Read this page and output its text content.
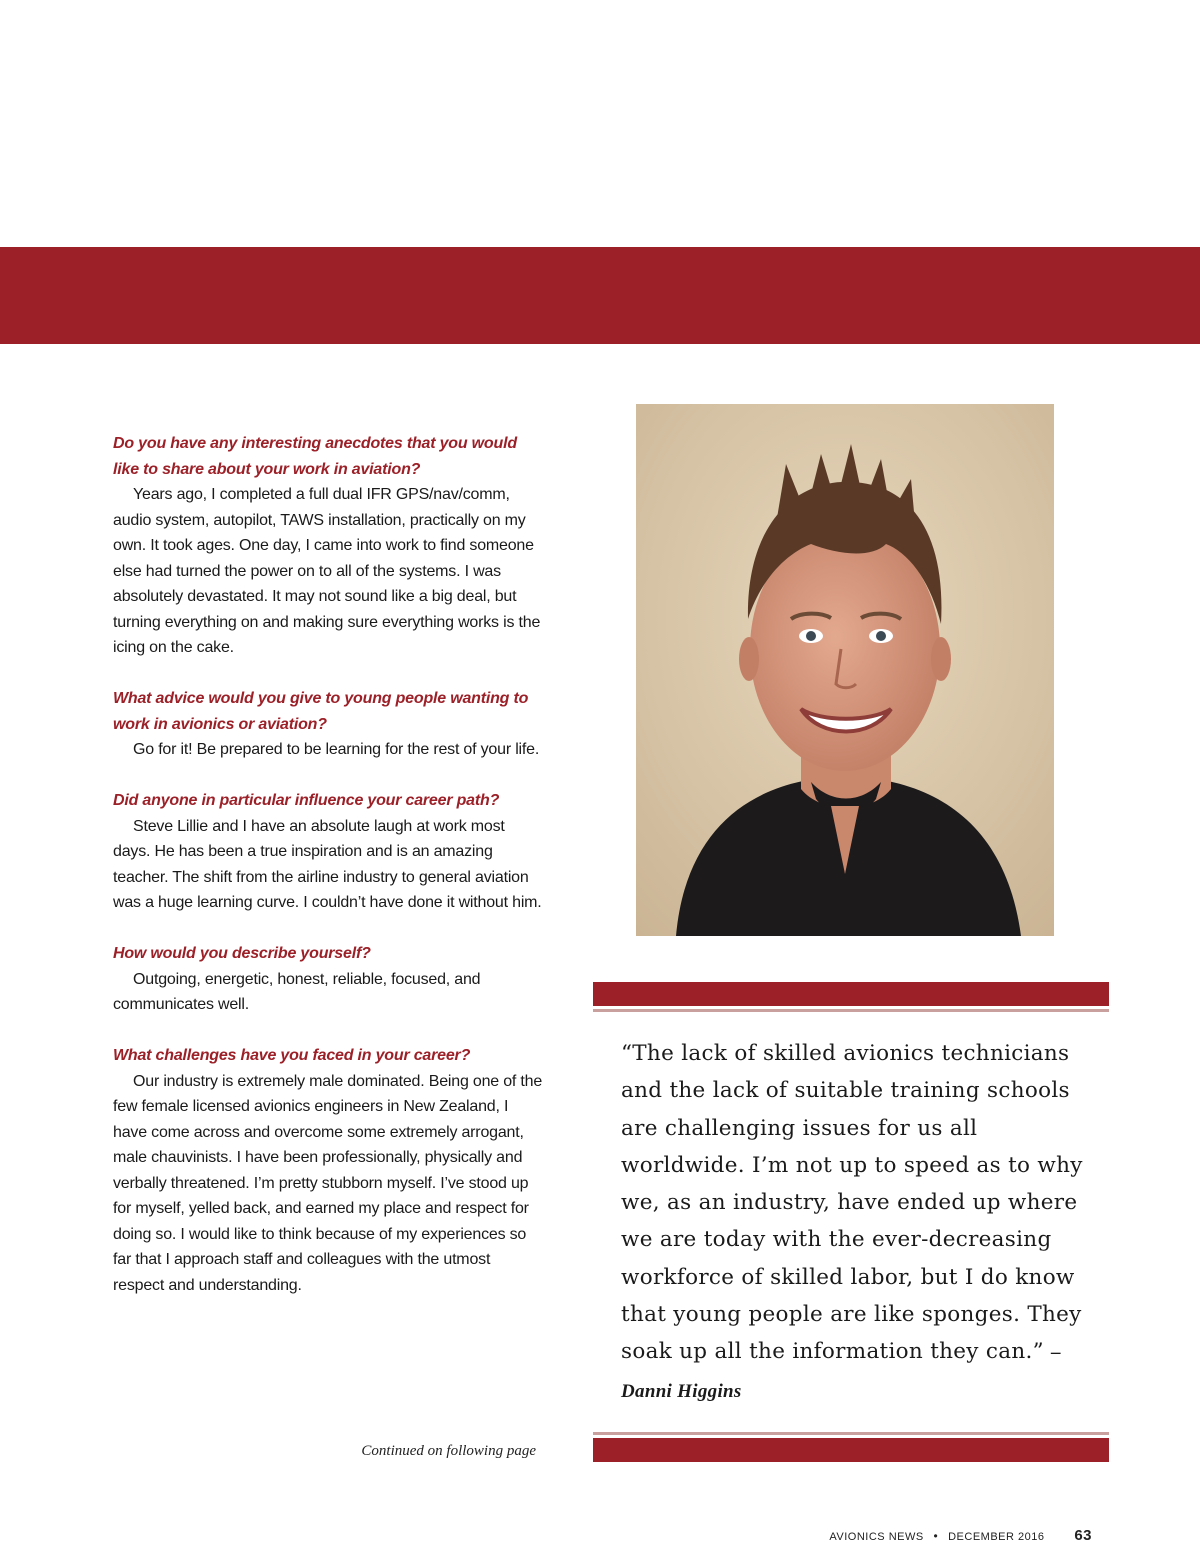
Do you have any interesting anecdotes that you would like to share about your work in aviation?
Years ago, I completed a full dual IFR GPS/nav/comm, audio system, autopilot, TAWS installation, practically on my own. It took ages. One day, I came into work to find someone else had turned the power on to all of the systems. I was absolutely devastated. It may not sound like a big deal, but turning everything on and making sure everything works is the icing on the cake.
What advice would you give to young people wanting to work in avionics or aviation?
Go for it! Be prepared to be learning for the rest of your life.
Did anyone in particular influence your career path?
Steve Lillie and I have an absolute laugh at work most days. He has been a true inspiration and is an amazing teacher. The shift from the airline industry to general aviation was a huge learning curve. I couldn’t have done it without him.
How would you describe yourself?
Outgoing, energetic, honest, reliable, focused, and communicates well.
What challenges have you faced in your career?
Our industry is extremely male dominated. Being one of the few female licensed avionics engineers in New Zealand, I have come across and overcome some extremely arrogant, male chauvinists. I have been professionally, physically and verbally threatened. I’m pretty stubborn myself. I’ve stood up for myself, yelled back, and earned my place and respect for doing so. I would like to think because of my experiences so far that I approach staff and colleagues with the utmost respect and understanding.
Continued on following page
“The lack of skilled avionics technicians and the lack of suitable training schools are challenging issues for us all worldwide. I’m not up to speed as to why we, as an industry, have ended up where we are today with the ever-decreasing workforce of skilled labor, but I do know that young people are like sponges. They soak up all the information they can.” – Danni Higgins
AVIONICS NEWS • DECEMBER 2016 63
